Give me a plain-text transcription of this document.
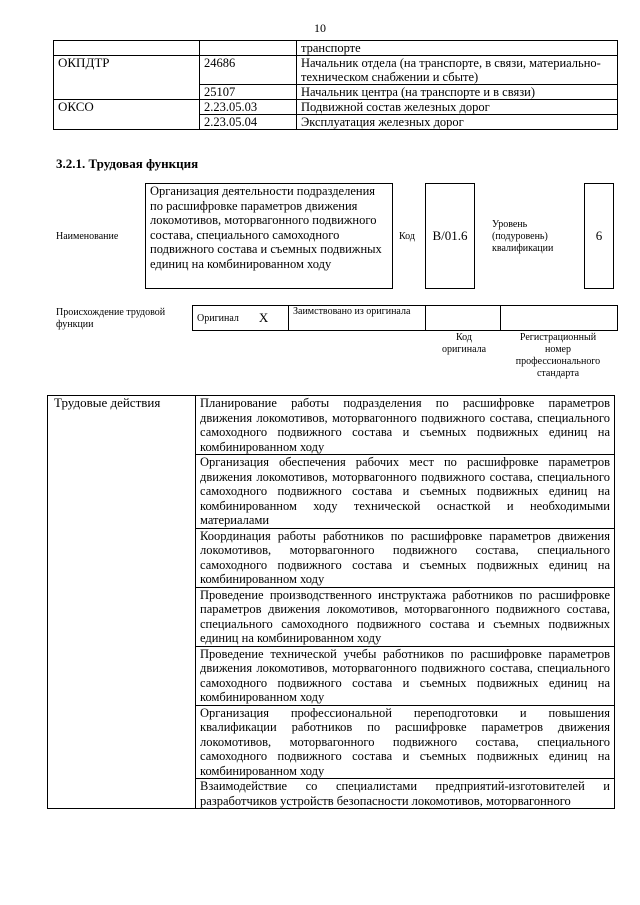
10
		транспорте
ОКПДТР	24686	Начальник отдела (на транспорте, в связи, материально-техническом снабжении и сбыте)
	25107	Начальник центра (на транспорте и в связи)
ОКСО	2.23.05.03	Подвижной состав железных дорог
	2.23.05.04	Эксплуатация железных дорог
3.2.1. Трудовая функция
Наименование
Организация деятельности подразделения по расшифровке параметров движения локомотивов, моторвагонного подвижного состава, специального самоходного подвижного состава и съемных подвижных единиц на комбинированном ходу
Код	B/01.6
Уровень (подуровень) квалификации
6
Происхождение трудовой функции
Оригинал X	Заимствовано из оригинала
Код оригинала
Регистрационный номер профессионального стандарта
Трудовые действия	Планирование работы подразделения по расшифровке параметров движения локомотивов, моторвагонного подвижного состава, специального самоходного подвижного состава и съемных подвижных единиц на комбинированном ходу
Организация обеспечения рабочих мест по расшифровке параметров движения локомотивов, моторвагонного подвижного состава, специального самоходного подвижного состава и съемных подвижных единиц на комбинированном ходу технической оснасткой и необходимыми материалами
Координация работы работников по расшифровке параметров движения локомотивов, моторвагонного подвижного состава, специального самоходного подвижного состава и съемных подвижных единиц на комбинированном ходу
Проведение производственного инструктажа работников по расшифровке параметров движения локомотивов, моторвагонного подвижного состава, специального самоходного подвижного состава и съемных подвижных единиц на комбинированном ходу
Проведение технической учебы работников по расшифровке параметров движения локомотивов, моторвагонного подвижного состава, специального самоходного подвижного состава и съемных подвижных единиц на комбинированном ходу
Организация профессиональной переподготовки и повышения квалификации работников по расшифровке параметров движения локомотивов, моторвагонного подвижного состава, специального самоходного подвижного состава и съемных подвижных единиц на комбинированном ходу
Взаимодействие со специалистами предприятий-изготовителей и разработчиков устройств безопасности локомотивов, моторвагонного
